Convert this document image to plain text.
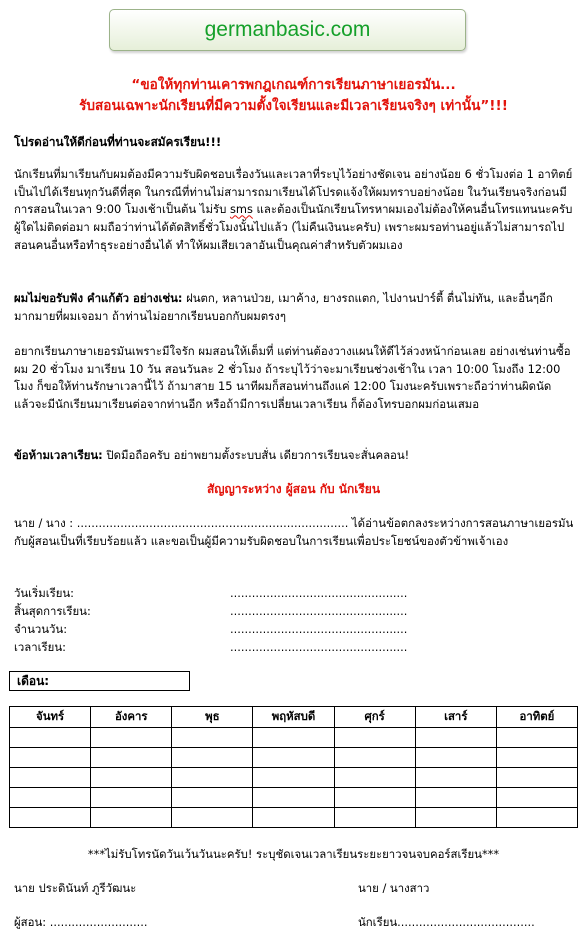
germanbasic.com
“ขอให้ทุกท่านเคารพกฎเกณฑ์การเรียนภาษาเยอรมัน...
รับสอนเฉพาะนักเรียนที่มีความตั้งใจเรียนและมีเวลาเรียนจริงๆ เท่านั้น”!!!
โปรดอ่านให้ดีก่อนที่ท่านจะสมัครเรียน!!!
นักเรียนที่มาเรียนกับผมต้องมีความรับผิดชอบเรื่องวันและเวลาที่ระบุไว้อย่างชัดเจน อย่างน้อย 6 ชั่วโมงต่อ 1 อาทิตย์ เป็นไปได้เรียนทุกวันดีที่สุด ในกรณีที่ท่านไม่สามารถมาเรียนได้โปรดแจ้งให้ผมทราบอย่างน้อย ในวันเรียนจริงก่อนมีการสอนในเวลา 9:00 โมงเช้าเป็นต้น ไม่รับ sms และต้องเป็นนักเรียนโทรหาผมเองไม่ต้องให้คนอื่นโทรแทนนะครับ ผู้ใดไม่ติดต่อมา ผมถือว่าท่านได้ตัดสิทธิ์ชั่วโมงนั้นไปแล้ว (ไม่คืนเงินนะครับ) เพราะผมรอท่านอยู่แล้วไม่สามารถไปสอนคนอื่นหรือทำธุระอย่างอื่นได้ ทำให้ผมเสียเวลาอันเป็นคุณค่าสำหรับตัวผมเอง
ผมไม่ขอรับฟัง คำแก้ตัว อย่างเช่น: ฝนตก, หลานป่วย, เมาค้าง, ยางรถแตก, ไปงานปาร์ตี้ ตื่นไม่ทัน, และอื่นๆอีกมากมายที่ผมเจอมา ถ้าท่านไม่อยากเรียนบอกกับผมตรงๆ
อยากเรียนภาษาเยอรมันเพราะมีใจรัก ผมสอนให้เต็มที่ แต่ท่านต้องวางแผนให้ดีไว้ล่วงหน้าก่อนเลย อย่างเช่นท่านซื้อผม 20 ชั่วโมง มาเรียน 10 วัน สอนวันละ 2 ชั่วโมง ถ้าระบุไว้ว่าจะมาเรียนช่วงเช้าใน เวลา 10:00 โมงถึง 12:00 โมง ก็ขอให้ท่านรักษาเวลานี้ไว้ ถ้ามาสาย 15 นาทีผมก็สอนท่านถึงแค่ 12:00 โมงนะครับเพราะถือว่าท่านผิดนัด แล้วจะมีนักเรียนมาเรียนต่อจากท่านอีก หรือถ้ามีการเปลี่ยนเวลาเรียน ก็ต้องโทรบอกผมก่อนเสมอ
ข้อห้ามเวลาเรียน: ปิดมือถือครับ อย่าพยามตั้งระบบสั่น เดียวการเรียนจะสั่นคลอน!
สัญญาระหว่าง ผู้สอน กับ นักเรียน
นาย / นาง : ........................................................................... ได้อ่านข้อตกลงระหว่างการสอนภาษาเยอรมันกับผู้สอนเป็นที่เรียบร้อยแล้ว และขอเป็นผู้มีความรับผิดชอบในการเรียนเพื่อประโยชน์ของตัวข้าพเจ้าเอง
วันเริ่มเรียน:	.................................................
สิ้นสุดการเรียน:	.................................................
จำนวนวัน:	.................................................
เวลาเรียน:	.................................................
เดือน:
จันทร์	อังคาร	พุธ	พฤหัสบดี	ศุกร์	เสาร์	อาทิตย์

***ไม่รับโทรนัดวันเว้นวันนะครับ! ระบุชัดเจนเวลาเรียนระยะยาวจนจบคอร์สเรียน***
นาย ประดินันท์ ภูรีวัฒนะ	นาย / นางสาว
ผู้สอน: ...........................	นักเรียน......................................
